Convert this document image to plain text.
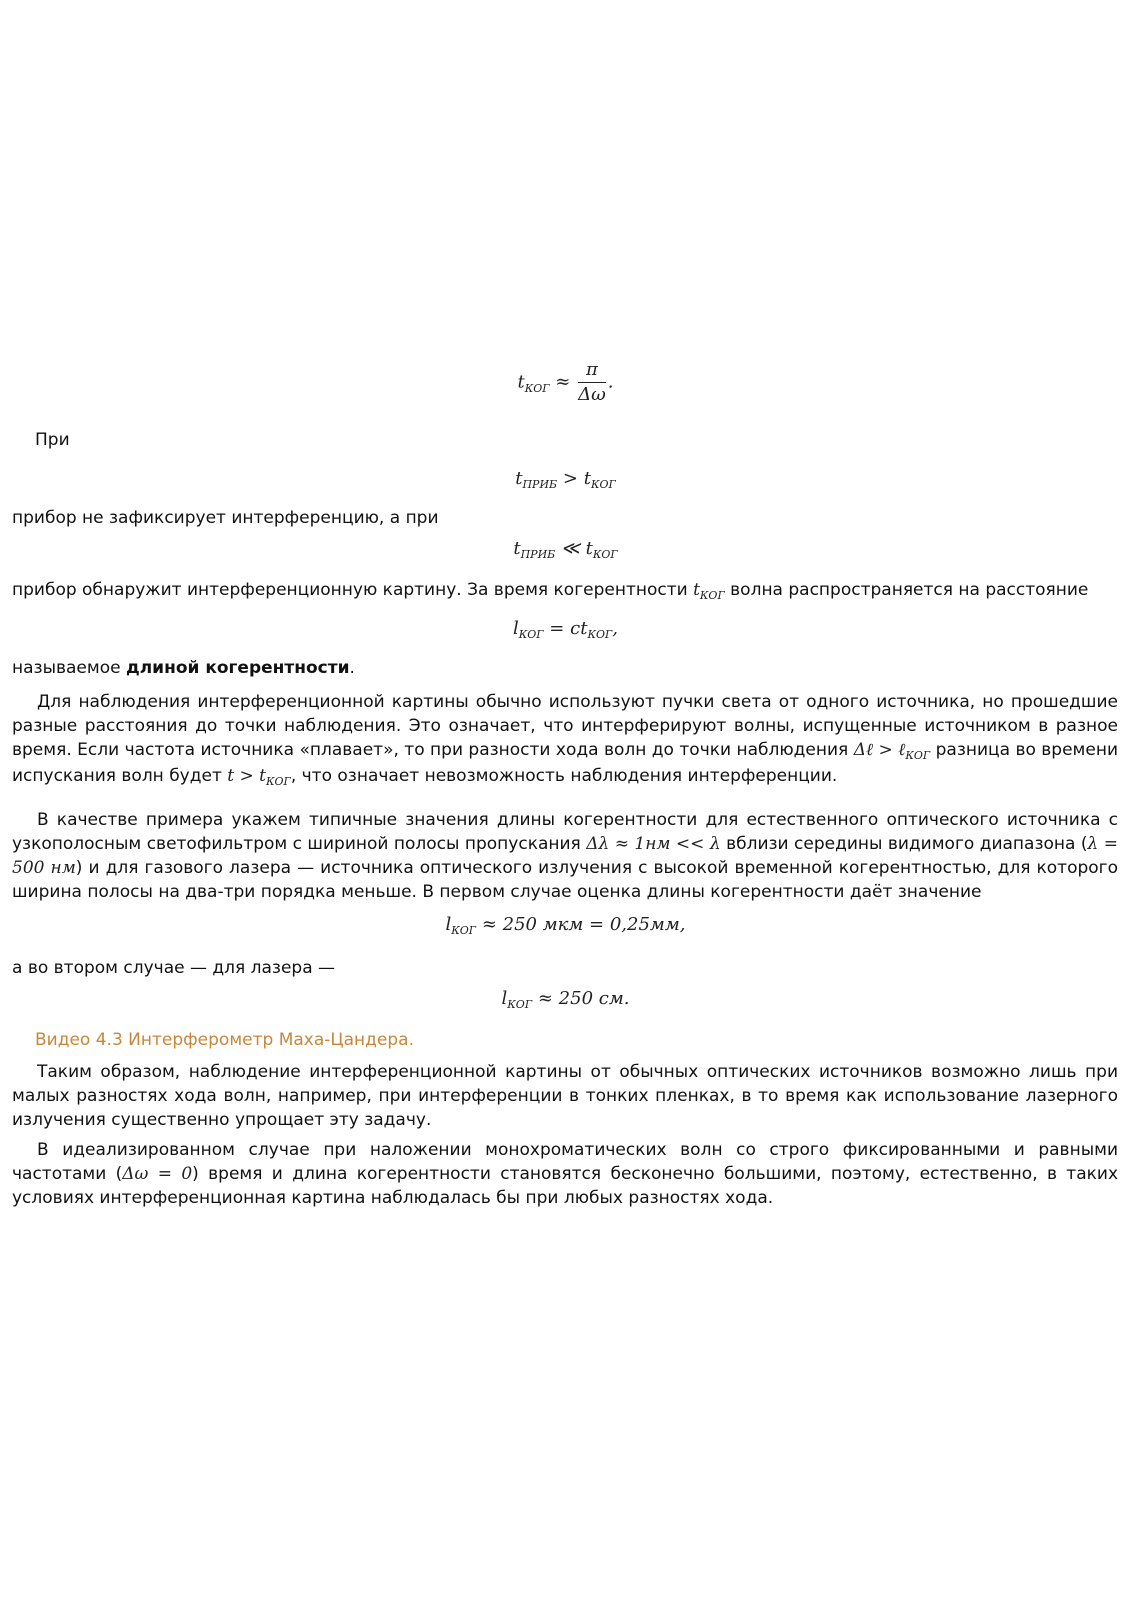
$t_{КОГ} \approx \frac{\pi}{\Delta\omega}$ .
При
$t_{ПРИБ} > t_{КОГ}$
прибор не зафиксирует интерференцию, а при
$t_{ПРИБ}$ ≪ $t_{КОГ}$
прибор обнаружит интерференционную картину. За время когерентности $t_{КОГ}$ волна распространяется на расстояние
$l_{КОГ} = ct_{КОГ}$,
называемое длиной когерентности.
Для наблюдения интерференционной картины обычно используют пучки света от одного источника, но прошедшие разные расстояния до точки наблюдения. Это означает, что интерферируют волны, испущенные источником в разное время. Если частота источника «плавает», то при разности хода волн до точки наблюдения Δℓ > ℓ$_{КОГ}$ разница во времени испускания волн будет $t > t_{КОГ}$, что означает невозможность наблюдения интерференции.
В качестве примера укажем типичные значения длины когерентности для естественного оптического источника с узкополосным светофильтром с шириной полосы пропускания Δλ ≈ 1нм << λ вблизи середины видимого диапазона (λ = 500 нм) и для газового лазера — источника оптического излучения с высокой временной когерентностью, для которого ширина полосы на два-три порядка меньше. В первом случае оценка длины когерентности даёт значение
$l_{КОГ} \approx 250$ мкм = 0,25мм,
а во втором случае — для лазера —
$l_{КОГ} \approx 250$ см.
Видео 4.3 Интерферометр Маха-Цандера.
Таким образом, наблюдение интерференционной картины от обычных оптических источников возможно лишь при малых разностях хода волн, например, при интерференции в тонких пленках, в то время как использование лазерного излучения существенно упрощает эту задачу.
В идеализированном случае при наложении монохроматических волн со строго фиксированными и равными частотами (Δω = 0) время и длина когерентности становятся бесконечно большими, поэтому, естественно, в таких условиях интерференционная картина наблюдалась бы при любых разностях хода.
